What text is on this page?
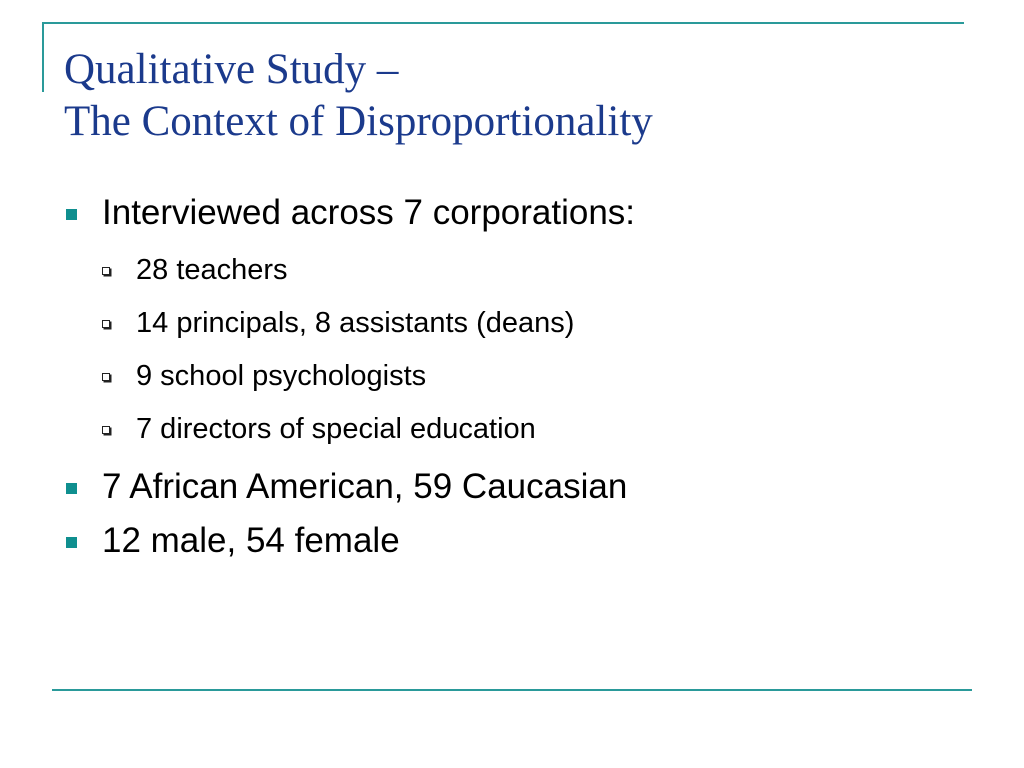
Qualitative Study –
The Context of Disproportionality
Interviewed across 7 corporations:
28 teachers
14 principals, 8 assistants (deans)
9 school psychologists
7 directors of special education
7 African American, 59 Caucasian
12 male, 54 female
